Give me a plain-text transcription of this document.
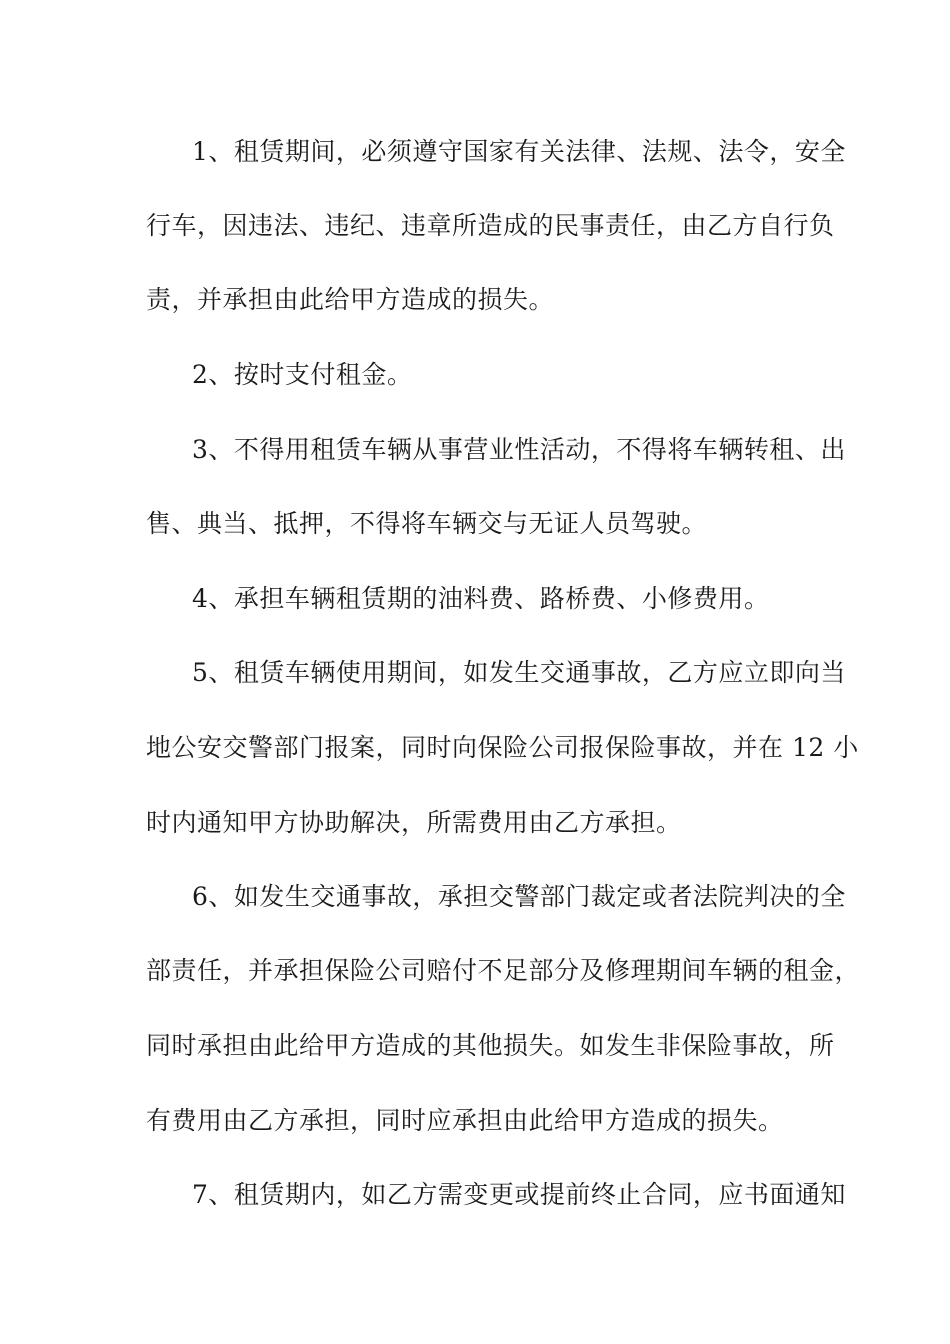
1、租赁期间，必须遵守国家有关法律、法规、法令，安全
行车，因违法、违纪、违章所造成的民事责任，由乙方自行负
责，并承担由此给甲方造成的损失。
2、按时支付租金。
3、不得用租赁车辆从事营业性活动，不得将车辆转租、出
售、典当、抵押，不得将车辆交与无证人员驾驶。
4、承担车辆租赁期的油料费、路桥费、小修费用。
5、租赁车辆使用期间，如发生交通事故，乙方应立即向当
地公安交警部门报案，同时向保险公司报保险事故，并在 12 小
时内通知甲方协助解决，所需费用由乙方承担。
6、如发生交通事故，承担交警部门裁定或者法院判决的全
部责任，并承担保险公司赔付不足部分及修理期间车辆的租金，
同时承担由此给甲方造成的其他损失。如发生非保险事故，所
有费用由乙方承担，同时应承担由此给甲方造成的损失。
7、租赁期内，如乙方需变更或提前终止合同，应书面通知
